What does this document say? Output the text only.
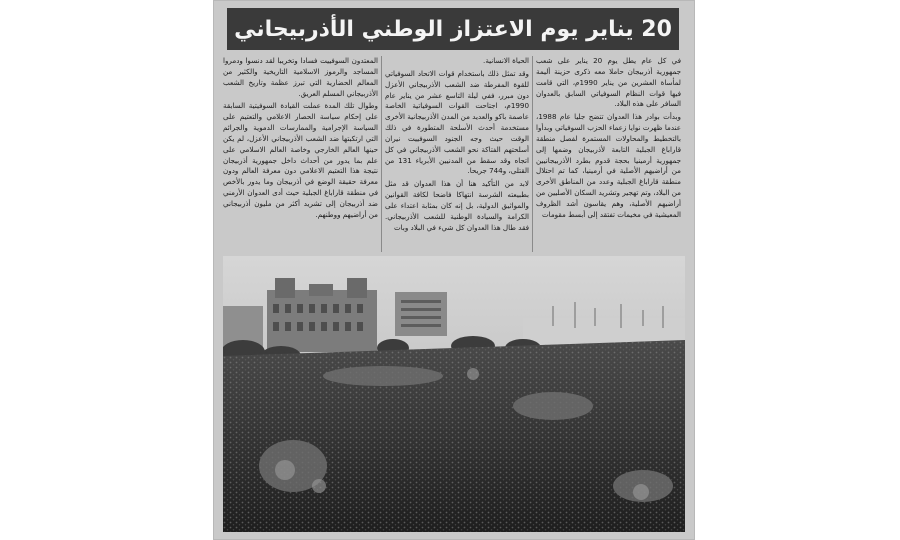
20 يناير يوم الاعتزاز الوطني الأذربيجاني

في كل عام يطل يوم 20 يناير على شعب جمهورية أذربيجان حاملا معه ذكرى حزينة أليمة لمأساة العشرين من يناير 1990م، التي قامت فيها قوات النظام السوفياتي السابق بالعدوان السافر على هذه البلاد.

وبدأت بوادر هذا العدوان تتضح جليا عام 1988، عندما ظهرت نوايا زعماء الحزب السوفياتي وبدأوا بالتخطيط والمحاولات المستمرة لفصل منطقة قاراباغ الجبلية التابعة لأذربيجان وضمها إلى جمهورية أرمينيا بحجة قدوم بطرد الأذربيجانيين من أراضيهم الأصلية في أرمينيا، كما تم احتلال منطقة قاراباغ الجبلية وعدد من المناطق الأخرى من البلاد، وتم تهجير وتشريد السكان الأصليين من أراضيهم الأصلية، وهم يقاسون أشد الظروف المعيشية في مخيمات تفتقد إلى أبسط مقومات

الحياة الانسانية.

وقد تمثل ذلك باستخدام قوات الاتحاد السوفياتي للقوة المفرطة ضد الشعب الأذربيجاني الأعزل دون مبرر، ففي ليلة التاسع عشر من يناير عام 1990م، اجتاحت القوات السوفياتية الخاصة عاصمة باكو والعديد من المدن الأذربيجانية الأخرى مستخدمة أحدث الأسلحة المتطورة في ذلك الوقت حيث وجه الجنود السوفييت نيران أسلحتهم الفتاكة نحو الشعب الأذربيجاني في كل اتجاه وقد سقط من المدنيين الأبرياء 131 من القتلى، و744 جريحا.

لابد من التأكيد هنا أن هذا العدوان قد مثل بطبيعته الشرسة انتهاكا فاضحا لكافة القوانين والمواثيق الدولية، بل إنه كان بمثابة اعتداء على الكرامة والسيادة الوطنية للشعب الأذربيجاني. فقد طال هذا العدوان كل شيء في البلاد وبات

المعتدون السوفييت فسادا وتخريبا لقد دنسوا ودمروا المساجد والرموز الاسلامية التاريخية والكثير من المعالم الحضارية التي تبرز عظمة وتاريخ الشعب الأذربيجاني المسلم العريق.

وطوال تلك المدة عملت القيادة السوفيتية السابقة على إحكام سياسة الحصار الاعلامي والتعتيم على السياسة الإجرامية والممارسات الدموية والجرائم التي ارتكبتها ضد الشعب الأذربيجاني الأعزل، لم يكن حينها العالم الخارجي وخاصة العالم الاسلامي على علم بما يدور من أحداث داخل جمهورية أذربيجان نتيجة هذا التعتيم الاعلامي دون معرفة العالم ودون معرفة حقيقة الوضع في أذربيجان وما يدور بالأخص في منطقة قاراباغ الجبلية حيث أدى العدوان الأرمني ضد أذربيجان إلى تشريد أكثر من مليون أذربيجاني من أراضيهم ووطنهم.
